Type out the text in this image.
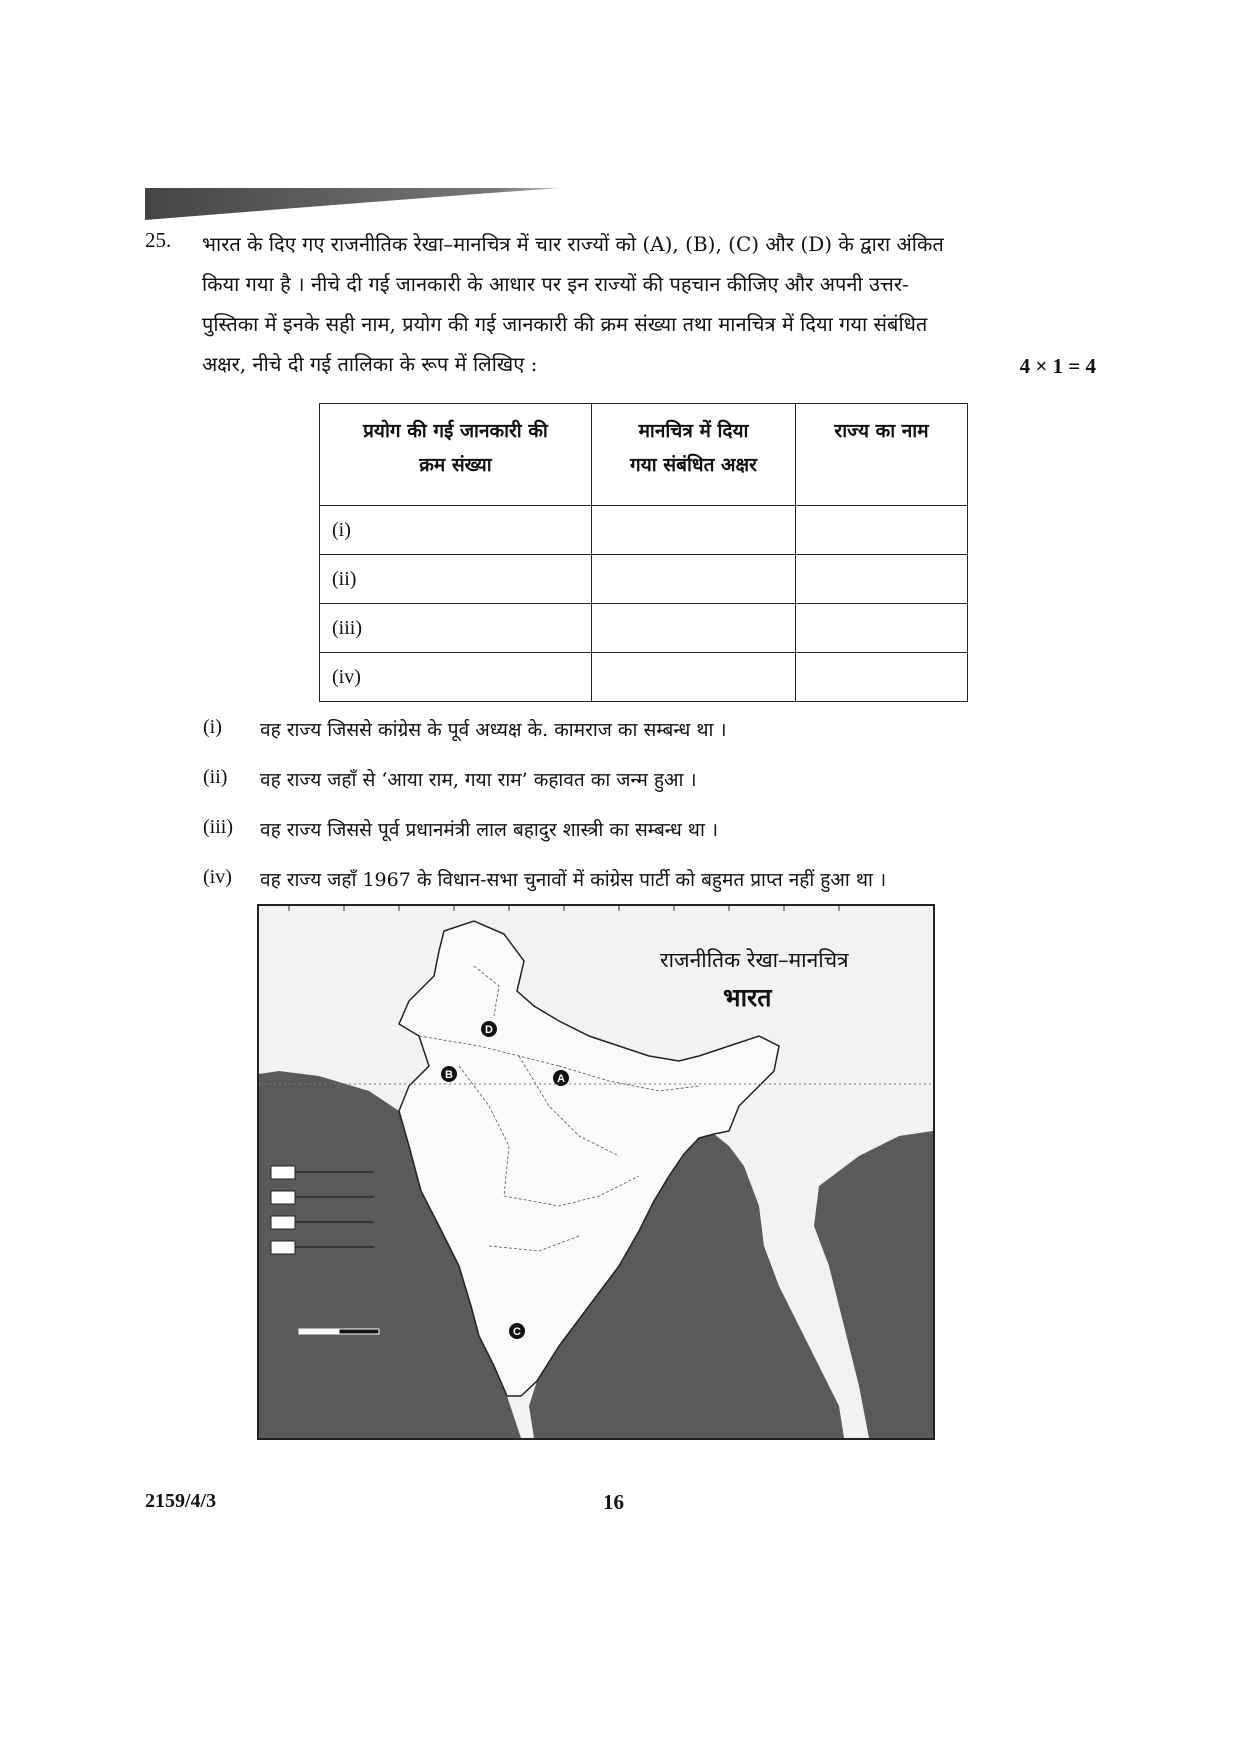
25. भारत के दिए गए राजनीतिक रेखा–मानचित्र में चार राज्यों को (A), (B), (C) और (D) के द्वारा अंकित

किया गया है । नीचे दी गई जानकारी के आधार पर इन राज्यों की पहचान कीजिए और अपनी उत्तर-

पुस्तिका में इनके सही नाम, प्रयोग की गई जानकारी की क्रम संख्या तथा मानचित्र में दिया गया संबंधित

अक्षर, नीचे दी गई तालिका के रूप में लिखिए :	4 × 1 = 4
प्रयोग की गई जानकारी की
क्रम संख्या	मानचित्र में दिया
गया संबंधित अक्षर	राज्य का नाम
(i)		
(ii)		
(iii)		
(iv)		
(i) वह राज्य जिससे कांग्रेस के पूर्व अध्यक्ष के. कामराज का सम्बन्ध था ।
(ii) वह राज्य जहाँ से ‘आया राम, गया राम’ कहावत का जन्म हुआ ।
(iii) वह राज्य जिससे पूर्व प्रधानमंत्री लाल बहादुर शास्त्री का सम्बन्ध था ।
(iv) वह राज्य जहाँ 1967 के विधान-सभा चुनावों में कांग्रेस पार्टी को बहुमत प्राप्त नहीं हुआ था ।
A
B
C
D
राजनीतिक रेखा–मानचित्र
भारत
2159/4/3	16
